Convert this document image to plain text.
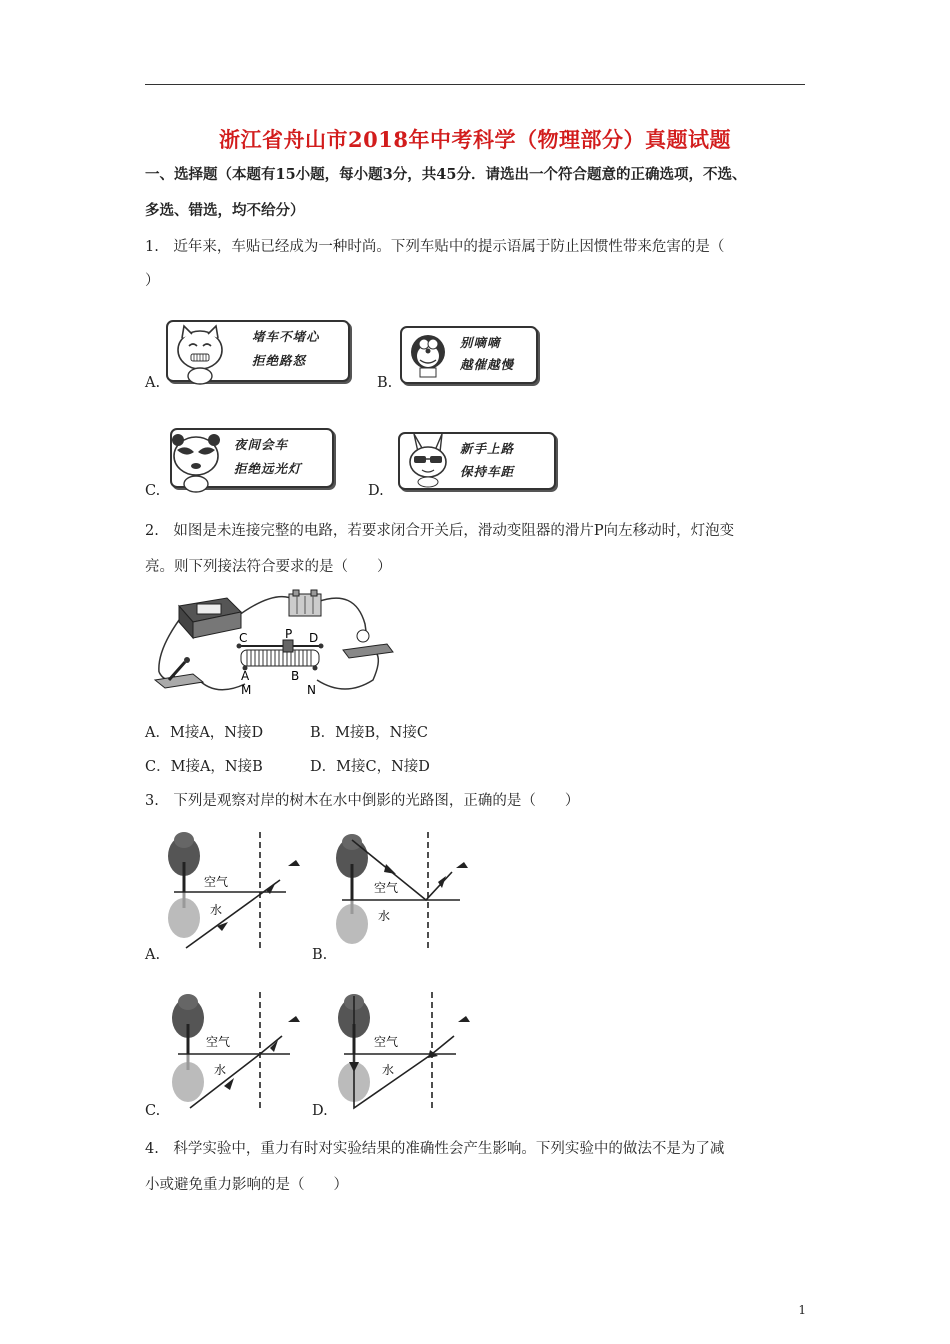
浙江省舟山市2018年中考科学（物理部分）真题试题
一、选择题（本题有15小题，每小题3分，共45分．请选出一个符合题意的正确选项，不选、
多选、错选，均不给分）
1.　近年来，车贴已经成为一种时尚。下列车贴中的提示语属于防止因惯性带来危害的是（
）
A.
堵车不堵心
拒绝路怒
B.
别嘀嘀
越催越慢
C.
夜间会车
拒绝远光灯
D.
新手上路
保持车距
2.　如图是未连接完整的电路，若要求闭合开关后，滑动变阻器的滑片P向左移动时，灯泡变
亮。则下列接法符合要求的是（　　）
C	P D
A	B
M	N
A．M接A，N接D	B．M接B，N接C
C．M接A，N接B	D．M接C，N接D
3.　下列是观察对岸的树木在水中倒影的光路图，正确的是（　　）
空气
水
A.
空气
水
B.
空气
水
C.
空气
水
D.
4.　科学实验中，重力有时对实验结果的准确性会产生影响。下列实验中的做法不是为了减
小或避免重力影响的是（　　）
1
